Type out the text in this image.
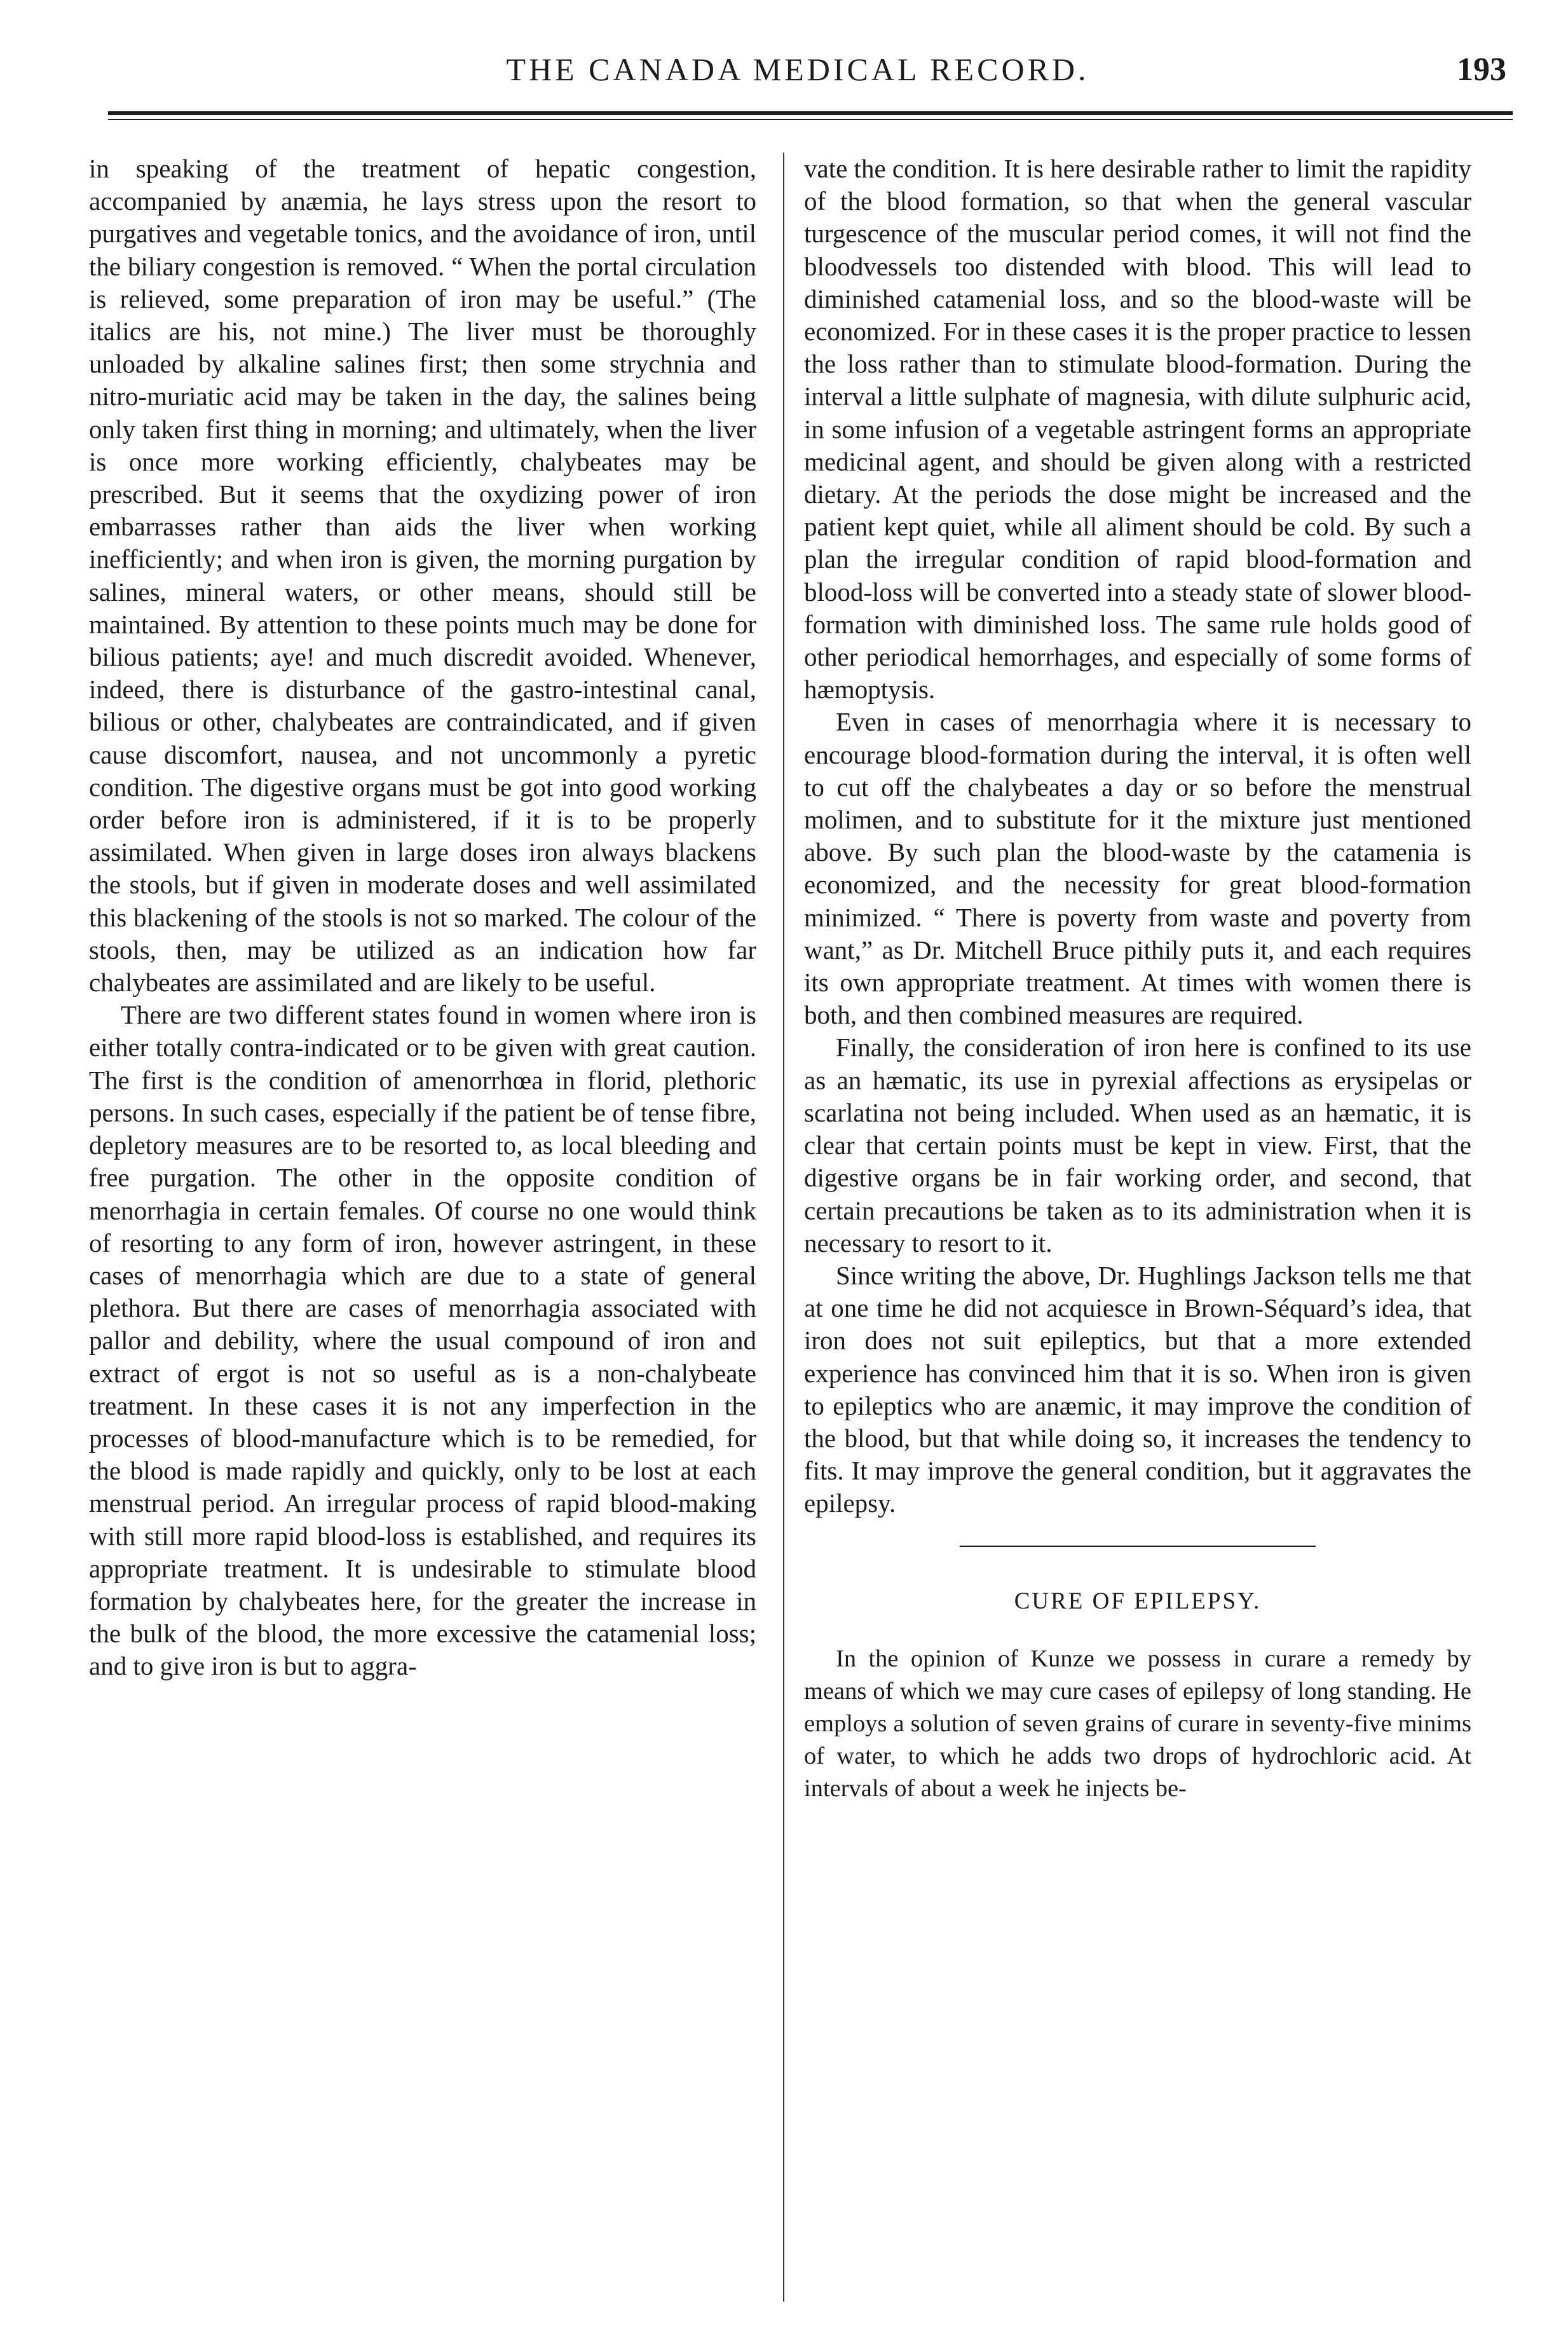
THE CANADA MEDICAL RECORD.	193

in speaking of the treatment of hepatic congestion, accompanied by anæmia, he lays stress upon the resort to purgatives and vegetable tonics, and the avoidance of iron, until the biliary congestion is removed. “ When the portal circulation is relieved, some preparation of iron may be useful.” (The italics are his, not mine.) The liver must be thoroughly unloaded by alkaline salines first; then some strychnia and nitro-muriatic acid may be taken in the day, the salines being only taken first thing in morning; and ultimately, when the liver is once more working efficiently, chalybeates may be prescribed. But it seems that the oxydizing power of iron embarrasses rather than aids the liver when working inefficiently; and when iron is given, the morning purgation by salines, mineral waters, or other means, should still be maintained. By attention to these points much may be done for bilious patients; aye! and much discredit avoided. Whenever, indeed, there is disturbance of the gastro-intestinal canal, bilious or other, chalybeates are contraindicated, and if given cause discomfort, nausea, and not uncommonly a pyretic condition. The digestive organs must be got into good working order before iron is administered, if it is to be properly assimilated. When given in large doses iron always blackens the stools, but if given in moderate doses and well assimilated this blackening of the stools is not so marked. The colour of the stools, then, may be utilized as an indication how far chalybeates are assimilated and are likely to be useful.

There are two different states found in women where iron is either totally contra-indicated or to be given with great caution. The first is the condition of amenorrhœa in florid, plethoric persons. In such cases, especially if the patient be of tense fibre, depletory measures are to be resorted to, as local bleeding and free purgation. The other in the opposite condition of menorrhagia in certain females. Of course no one would think of resorting to any form of iron, however astringent, in these cases of menorrhagia which are due to a state of general plethora. But there are cases of menorrhagia associated with pallor and debility, where the usual compound of iron and extract of ergot is not so useful as is a non-chalybeate treatment. In these cases it is not any imperfection in the processes of blood-manufacture which is to be remedied, for the blood is made rapidly and quickly, only to be lost at each menstrual period. An irregular process of rapid blood-making with still more rapid blood-loss is established, and requires its appropriate treatment. It is undesirable to stimulate blood formation by chalybeates here, for the greater the increase in the bulk of the blood, the more excessive the catamenial loss; and to give iron is but to aggra-

vate the condition. It is here desirable rather to limit the rapidity of the blood formation, so that when the general vascular turgescence of the muscular period comes, it will not find the bloodvessels too distended with blood. This will lead to diminished catamenial loss, and so the blood-waste will be economized. For in these cases it is the proper practice to lessen the loss rather than to stimulate blood-formation. During the interval a little sulphate of magnesia, with dilute sulphuric acid, in some infusion of a vegetable astringent forms an appropriate medicinal agent, and should be given along with a restricted dietary. At the periods the dose might be increased and the patient kept quiet, while all aliment should be cold. By such a plan the irregular condition of rapid blood-formation and blood-loss will be converted into a steady state of slower blood-formation with diminished loss. The same rule holds good of other periodical hemorrhages, and especially of some forms of hæmoptysis.

Even in cases of menorrhagia where it is necessary to encourage blood-formation during the interval, it is often well to cut off the chalybeates a day or so before the menstrual molimen, and to substitute for it the mixture just mentioned above. By such plan the blood-waste by the catamenia is economized, and the necessity for great blood-formation minimized. “ There is poverty from waste and poverty from want,” as Dr. Mitchell Bruce pithily puts it, and each requires its own appropriate treatment. At times with women there is both, and then combined measures are required.

Finally, the consideration of iron here is confined to its use as an hæmatic, its use in pyrexial affections as erysipelas or scarlatina not being included. When used as an hæmatic, it is clear that certain points must be kept in view. First, that the digestive organs be in fair working order, and second, that certain precautions be taken as to its administration when it is necessary to resort to it.

Since writing the above, Dr. Hughlings Jackson tells me that at one time he did not acquiesce in Brown-Séquard’s idea, that iron does not suit epileptics, but that a more extended experience has convinced him that it is so. When iron is given to epileptics who are anæmic, it may improve the condition of the blood, but that while doing so, it increases the tendency to fits. It may improve the general condition, but it aggravates the epilepsy.

CURE OF EPILEPSY.

In the opinion of Kunze we possess in curare a remedy by means of which we may cure cases of epilepsy of long standing. He employs a solution of seven grains of curare in seventy-five minims of water, to which he adds two drops of hydrochloric acid. At intervals of about a week he injects be-
